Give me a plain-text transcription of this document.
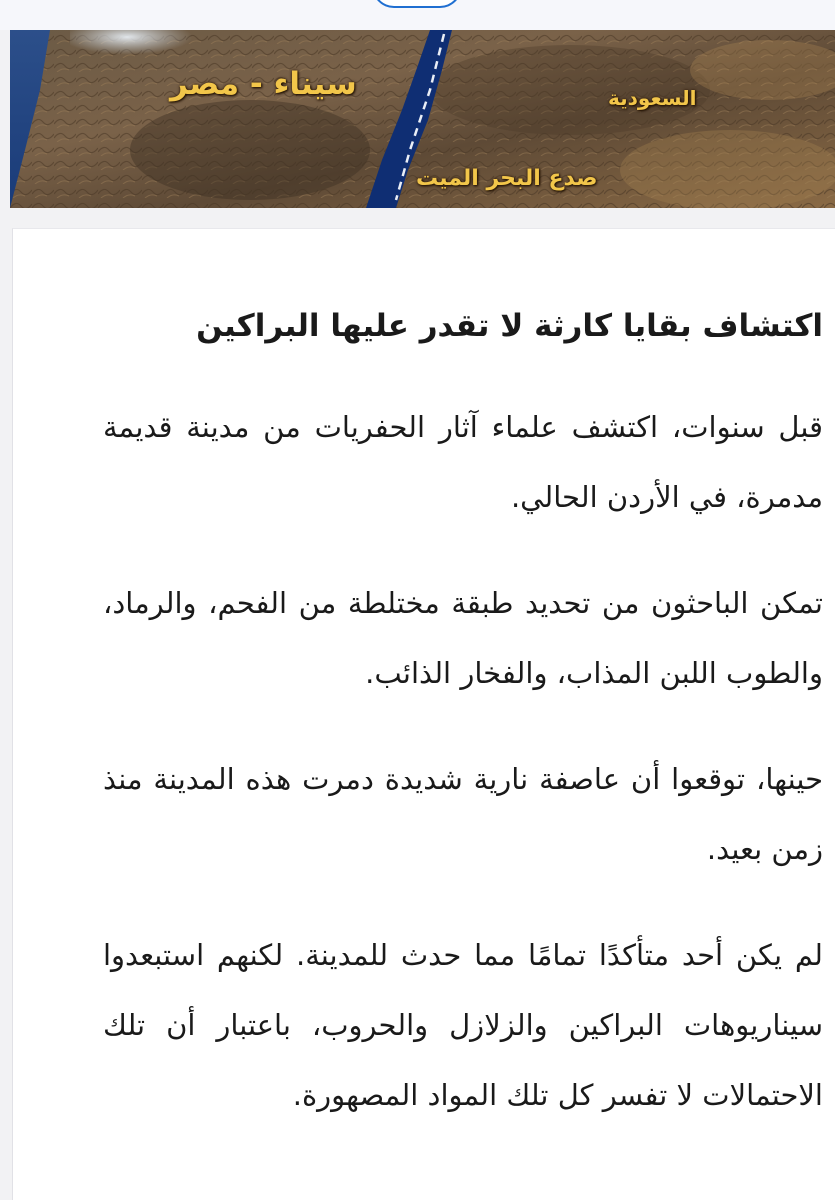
سيناء - مصر	السعودية
صدع البحر الميت
اكتشاف بقايا كارثة لا تقدر عليها البراكين

قبل سنوات، اكتشف علماء آثار الحفريات من مدينة قديمة مدمرة، في الأردن الحالي.

تمكن الباحثون من تحديد طبقة مختلطة من الفحم، والرماد، والطوب اللبن المذاب، والفخار الذائب.

حينها، توقعوا أن عاصفة نارية شديدة دمرت هذه المدينة منذ زمن بعيد.

لم يكن أحد متأكدًا تمامًا مما حدث للمدينة. لكنهم استبعدوا سيناريوهات البراكين والزلازل والحروب، باعتبار أن تلك الاحتمالات لا تفسر كل تلك المواد المصهورة.
